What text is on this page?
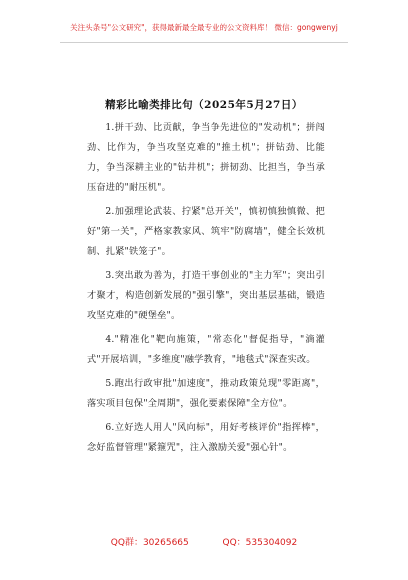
关注头条号"公文研究"，获得最新最全最专业的公文资料库！ 微信：gongwenyj
精彩比喻类排比句（2025年5月27日）

1.拼干劲、比贡献，争当争先进位的"发动机"；拼闯劲、比作为，争当攻坚克难的"推土机"；拼钻劲、比能力，争当深耕主业的"钻井机"；拼韧劲、比担当，争当承压奋进的"耐压机"。

2.加强理论武装、拧紧"总开关"，慎初慎独慎微、把好"第一关"，严格家教家风、筑牢"防腐墙"，健全长效机制、扎紧"铁笼子"。

3.突出敢为善为，打造干事创业的"主力军"；突出引才聚才，构造创新发展的"强引擎"，突出基层基础，锻造攻坚克难的"硬堡垒"。

4."精准化"靶向施策，"常态化"督促指导，"滴灌式"开展培训，"多维度"融学教育，"地毯式"深查实改。

5.跑出行政审批"加速度"，推动政策兑现"零距离"，落实项目包保"全周期"，强化要素保障"全方位"。

6.立好选人用人"风向标"，用好考核评价"指挥棒"，念好监督管理"紧箍咒"，注入激励关爱"强心针"。

QQ群：30265665	QQ：535304092
